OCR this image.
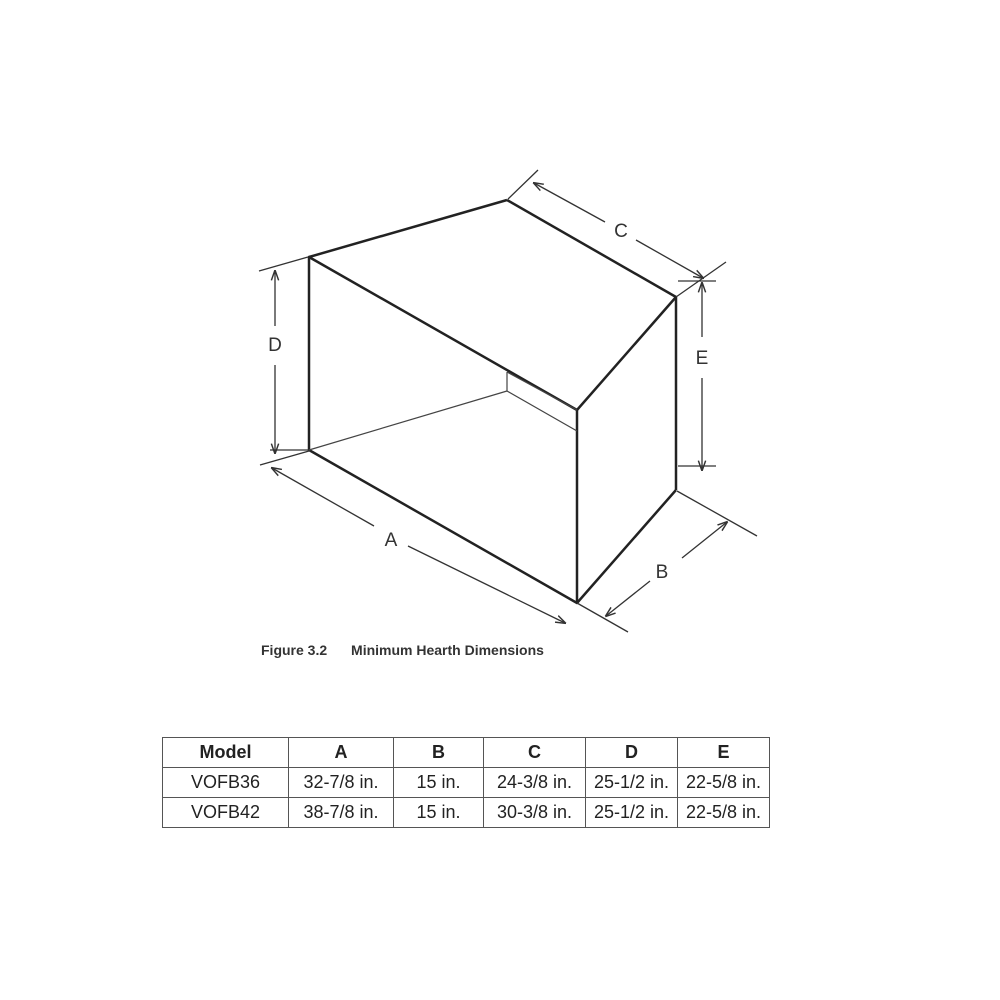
A
B
C
D
E
Figure 3.2 Minimum Hearth Dimensions
Model	A	B	C	D	E
VOFB36	32-7/8 in.	15 in.	24-3/8 in.	25-1/2 in.	22-5/8 in.
VOFB42	38-7/8 in.	15 in.	30-3/8 in.	25-1/2 in.	22-5/8 in.
